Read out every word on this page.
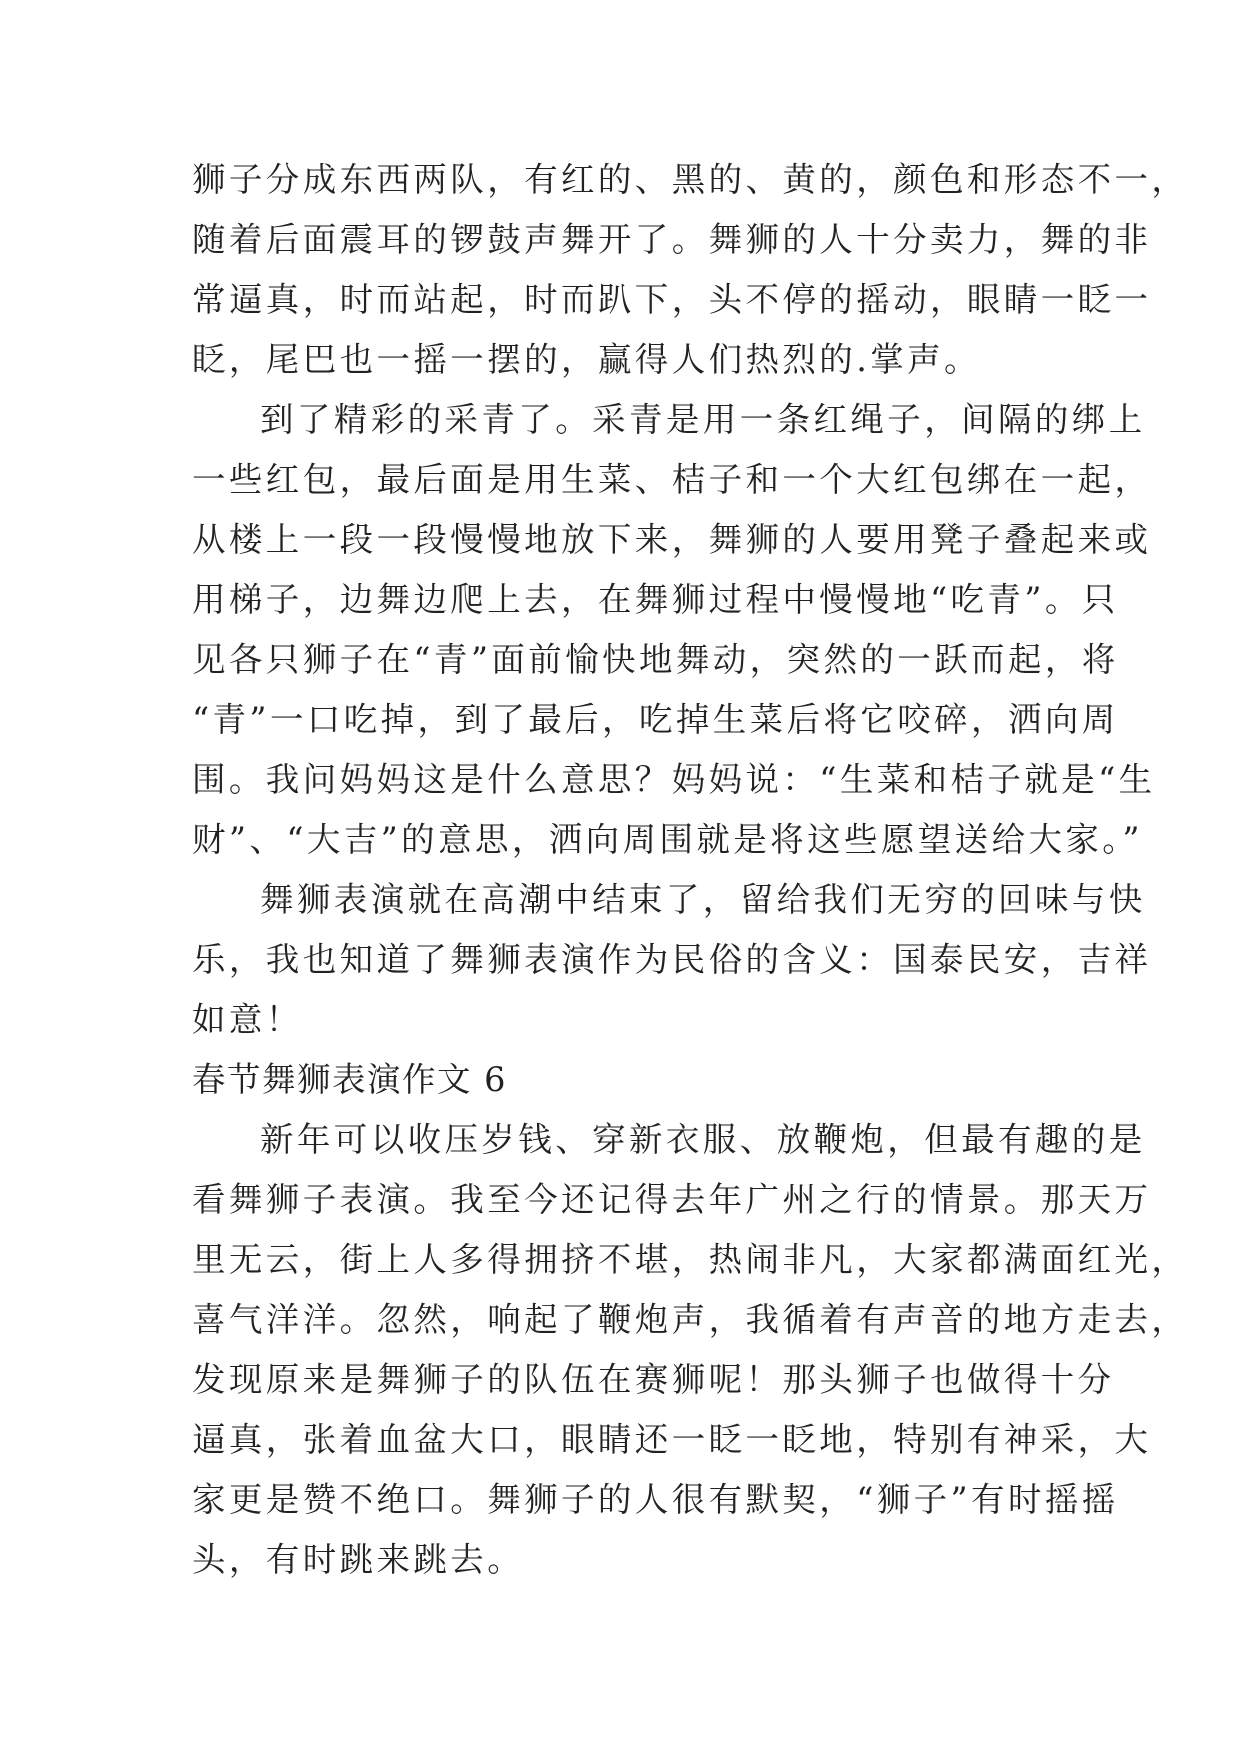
狮子分成东西两队，有红的、黑的、黄的，颜色和形态不一，
随着后面震耳的锣鼓声舞开了。舞狮的人十分卖力，舞的非
常逼真，时而站起，时而趴下，头不停的摇动，眼睛一眨一
眨，尾巴也一摇一摆的，赢得人们热烈的.掌声。
到了精彩的采青了。采青是用一条红绳子，间隔的绑上
一些红包，最后面是用生菜、桔子和一个大红包绑在一起，
从楼上一段一段慢慢地放下来，舞狮的人要用凳子叠起来或
用梯子，边舞边爬上去，在舞狮过程中慢慢地“吃青”。只
见各只狮子在“青”面前愉快地舞动，突然的一跃而起，将
“青”一口吃掉，到了最后，吃掉生菜后将它咬碎，洒向周
围。我问妈妈这是什么意思？妈妈说：“生菜和桔子就是“生
财”、“大吉”的意思，洒向周围就是将这些愿望送给大家。”
舞狮表演就在高潮中结束了，留给我们无穷的回味与快
乐，我也知道了舞狮表演作为民俗的含义：国泰民安，吉祥
如意！
春节舞狮表演作文 6
新年可以收压岁钱、穿新衣服、放鞭炮，但最有趣的是
看舞狮子表演。我至今还记得去年广州之行的情景。那天万
里无云，街上人多得拥挤不堪，热闹非凡，大家都满面红光，
喜气洋洋。忽然，响起了鞭炮声，我循着有声音的地方走去，
发现原来是舞狮子的队伍在赛狮呢！那头狮子也做得十分
逼真，张着血盆大口，眼睛还一眨一眨地，特别有神采，大
家更是赞不绝口。舞狮子的人很有默契，“狮子”有时摇摇
头，有时跳来跳去。
